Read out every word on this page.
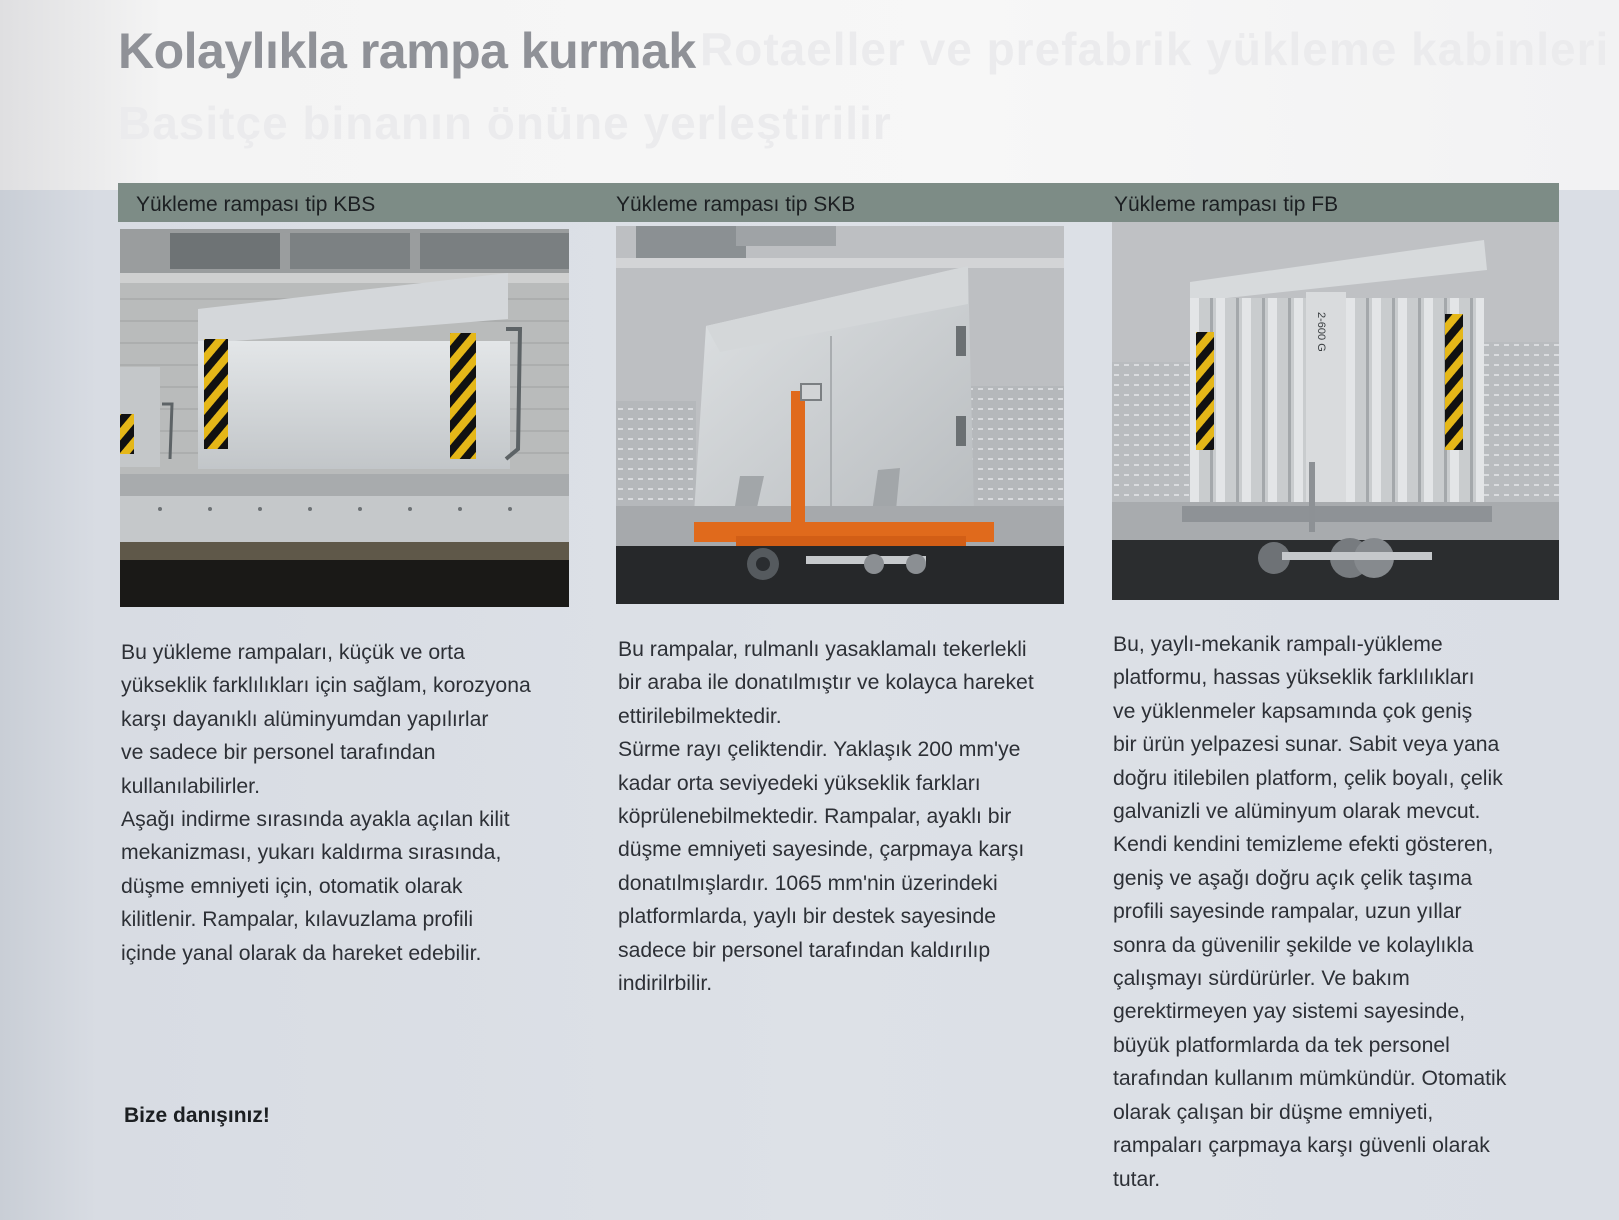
Rotaeller ve prefabrik yükleme kabinleri
Basitçe binanın önüne yerleştirilir
Kolaylıkla rampa kurmak
Yükleme rampası tip KBS	Yükleme rampası tip SKB	Yükleme rampası tip FB
2-600 G

Bu yükleme rampaları, küçük ve orta
yükseklik farklılıkları için sağlam, korozyona
karşı dayanıklı alüminyumdan yapılırlar
ve sadece bir personel tarafından
kullanılabilirler.

Aşağı indirme sırasında ayakla açılan kilit
mekanizması, yukarı kaldırma sırasında,
düşme emniyeti için, otomatik olarak
kilitlenir. Rampalar, kılavuzlama profili
içinde yanal olarak da hareket edebilir.

Bu rampalar, rulmanlı yasaklamalı tekerlekli
bir araba ile donatılmıştır ve kolayca hareket
ettirilebilmektedir.

Sürme rayı çeliktendir. Yaklaşık 200 mm'ye
kadar orta seviyedeki yükseklik farkları
köprülenebilmektedir. Rampalar, ayaklı bir
düşme emniyeti sayesinde, çarpmaya karşı
donatılmışlardır. 1065 mm'nin üzerindeki
platformlarda, yaylı bir destek sayesinde
sadece bir personel tarafından kaldırılıp
indirilrbilir.

Bu, yaylı-mekanik rampalı-yükleme
platformu, hassas yükseklik farklılıkları
ve yüklenmeler kapsamında çok geniş
bir ürün yelpazesi sunar. Sabit veya yana
doğru itilebilen platform, çelik boyalı, çelik
galvanizli ve alüminyum olarak mevcut.
Kendi kendini temizleme efekti gösteren,
geniş ve aşağı doğru açık çelik taşıma
profili sayesinde rampalar, uzun yıllar
sonra da güvenilir şekilde ve kolaylıkla
çalışmayı sürdürürler. Ve bakım
gerektirmeyen yay sistemi sayesinde,
büyük platformlarda da tek personel
tarafından kullanım mümkündür. Otomatik
olarak çalışan bir düşme emniyeti,
rampaları çarpmaya karşı güvenli olarak
tutar.

Bize danışınız!
